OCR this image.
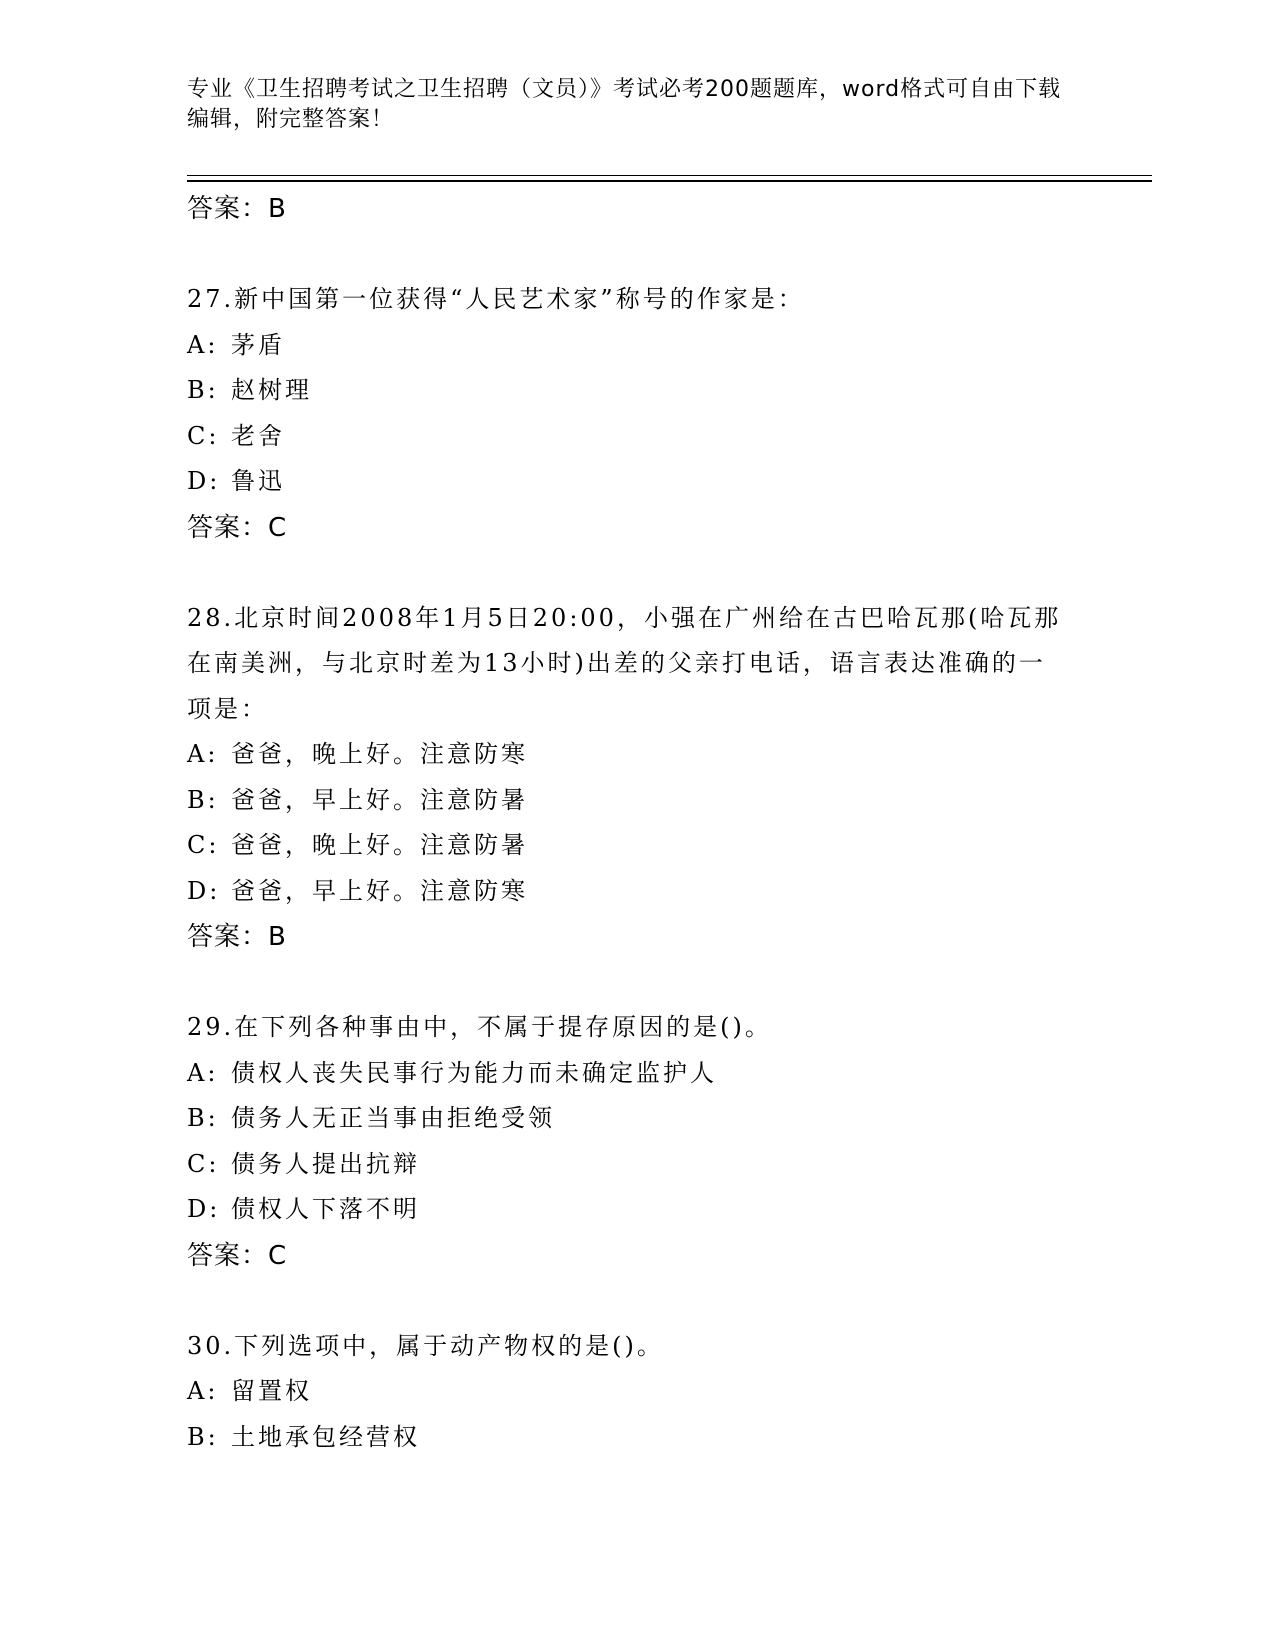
专业《卫生招聘考试之卫生招聘（文员）》考试必考200题题库，word格式可自由下载编辑，附完整答案！
答案：B
27.新中国第一位获得“人民艺术家”称号的作家是：
A: 茅盾
B: 赵树理
C: 老舍
D: 鲁迅
答案：C
28.北京时间2008年1月5日20:00，小强在广州给在古巴哈瓦那(哈瓦那在南美洲，与北京时差为13小时)出差的父亲打电话，语言表达准确的一项是：
A: 爸爸，晚上好。注意防寒
B: 爸爸，早上好。注意防暑
C: 爸爸，晚上好。注意防暑
D: 爸爸，早上好。注意防寒
答案：B
29.在下列各种事由中，不属于提存原因的是()。
A: 债权人丧失民事行为能力而未确定监护人
B: 债务人无正当事由拒绝受领
C: 债务人提出抗辩
D: 债权人下落不明
答案：C
30.下列选项中，属于动产物权的是()。
A: 留置权
B: 土地承包经营权
